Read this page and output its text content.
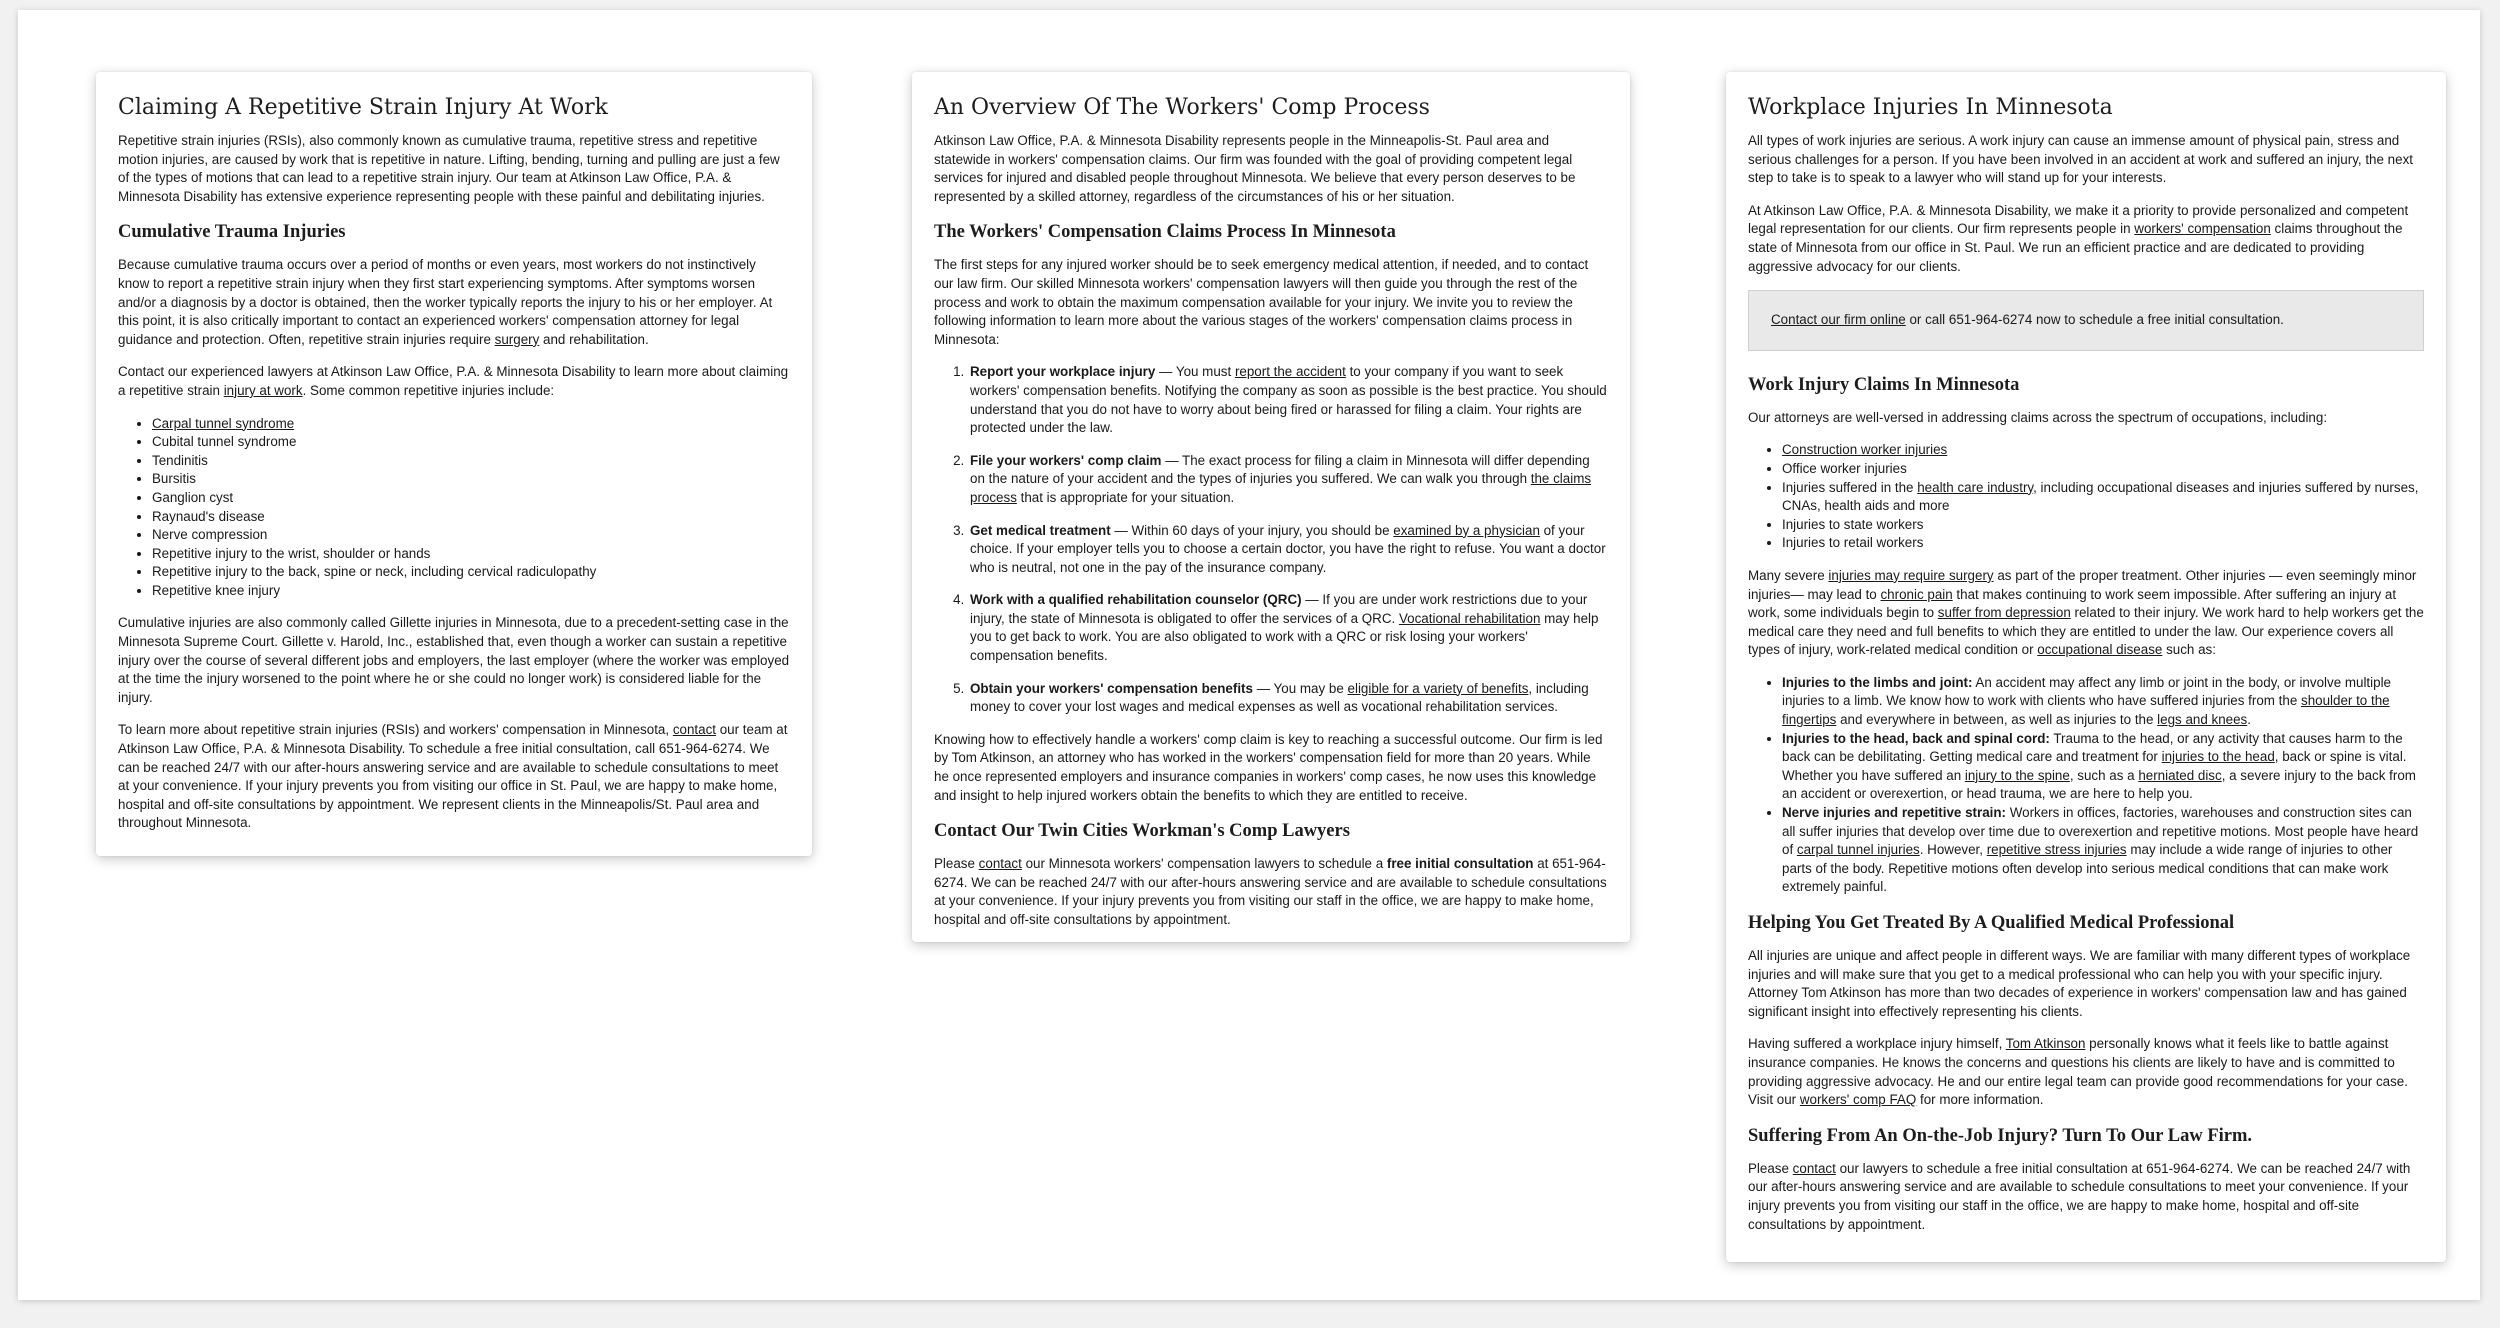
Claiming A Repetitive Strain Injury At Work

Repetitive strain injuries (RSIs), also commonly known as cumulative trauma, repetitive stress and repetitive motion injuries, are caused by work that is repetitive in nature. Lifting, bending, turning and pulling are just a few of the types of motions that can lead to a repetitive strain injury. Our team at Atkinson Law Office, P.A. & Minnesota Disability has extensive experience representing people with these painful and debilitating injuries.

Cumulative Trauma Injuries

Because cumulative trauma occurs over a period of months or even years, most workers do not instinctively know to report a repetitive strain injury when they first start experiencing symptoms. After symptoms worsen and/or a diagnosis by a doctor is obtained, then the worker typically reports the injury to his or her employer. At this point, it is also critically important to contact an experienced workers' compensation attorney for legal guidance and protection. Often, repetitive strain injuries require surgery and rehabilitation.

Contact our experienced lawyers at Atkinson Law Office, P.A. & Minnesota Disability to learn more about claiming a repetitive strain injury at work. Some common repetitive injuries include:

• Carpal tunnel syndrome
• Cubital tunnel syndrome
• Tendinitis
• Bursitis
• Ganglion cyst
• Raynaud's disease
• Nerve compression
• Repetitive injury to the wrist, shoulder or hands
• Repetitive injury to the back, spine or neck, including cervical radiculopathy
• Repetitive knee injury

Cumulative injuries are also commonly called Gillette injuries in Minnesota, due to a precedent-setting case in the Minnesota Supreme Court. Gillette v. Harold, Inc., established that, even though a worker can sustain a repetitive injury over the course of several different jobs and employers, the last employer (where the worker was employed at the time the injury worsened to the point where he or she could no longer work) is considered liable for the injury.

To learn more about repetitive strain injuries (RSIs) and workers' compensation in Minnesota, contact our team at Atkinson Law Office, P.A. & Minnesota Disability. To schedule a free initial consultation, call 651-964-6274. We can be reached 24/7 with our after-hours answering service and are available to schedule consultations to meet at your convenience. If your injury prevents you from visiting our office in St. Paul, we are happy to make home, hospital and off-site consultations by appointment. We represent clients in the Minneapolis/St. Paul area and throughout Minnesota.

An Overview Of The Workers' Comp Process

Atkinson Law Office, P.A. & Minnesota Disability represents people in the Minneapolis-St. Paul area and statewide in workers' compensation claims. Our firm was founded with the goal of providing competent legal services for injured and disabled people throughout Minnesota. We believe that every person deserves to be represented by a skilled attorney, regardless of the circumstances of his or her situation.

The Workers' Compensation Claims Process In Minnesota

The first steps for any injured worker should be to seek emergency medical attention, if needed, and to contact our law firm. Our skilled Minnesota workers' compensation lawyers will then guide you through the rest of the process and work to obtain the maximum compensation available for your injury. We invite you to review the following information to learn more about the various stages of the workers' compensation claims process in Minnesota:

1. Report your workplace injury — You must report the accident to your company if you want to seek workers' compensation benefits. Notifying the company as soon as possible is the best practice. You should understand that you do not have to worry about being fired or harassed for filing a claim. Your rights are protected under the law.
2. File your workers' comp claim — The exact process for filing a claim in Minnesota will differ depending on the nature of your accident and the types of injuries you suffered. We can walk you through the claims process that is appropriate for your situation.
3. Get medical treatment — Within 60 days of your injury, you should be examined by a physician of your choice. If your employer tells you to choose a certain doctor, you have the right to refuse. You want a doctor who is neutral, not one in the pay of the insurance company.
4. Work with a qualified rehabilitation counselor (QRC) — If you are under work restrictions due to your injury, the state of Minnesota is obligated to offer the services of a QRC. Vocational rehabilitation may help you to get back to work. You are also obligated to work with a QRC or risk losing your workers' compensation benefits.
5. Obtain your workers' compensation benefits — You may be eligible for a variety of benefits, including money to cover your lost wages and medical expenses as well as vocational rehabilitation services.

Knowing how to effectively handle a workers' comp claim is key to reaching a successful outcome. Our firm is led by Tom Atkinson, an attorney who has worked in the workers' compensation field for more than 20 years. While he once represented employers and insurance companies in workers' comp cases, he now uses this knowledge and insight to help injured workers obtain the benefits to which they are entitled to receive.

Contact Our Twin Cities Workman's Comp Lawyers

Please contact our Minnesota workers' compensation lawyers to schedule a free initial consultation at 651-964-6274. We can be reached 24/7 with our after-hours answering service and are available to schedule consultations at your convenience. If your injury prevents you from visiting our staff in the office, we are happy to make home, hospital and off-site consultations by appointment.

Workplace Injuries In Minnesota

All types of work injuries are serious. A work injury can cause an immense amount of physical pain, stress and serious challenges for a person. If you have been involved in an accident at work and suffered an injury, the next step to take is to speak to a lawyer who will stand up for your interests.

At Atkinson Law Office, P.A. & Minnesota Disability, we make it a priority to provide personalized and competent legal representation for our clients. Our firm represents people in workers' compensation claims throughout the state of Minnesota from our office in St. Paul. We run an efficient practice and are dedicated to providing aggressive advocacy for our clients.

Contact our firm online or call 651-964-6274 now to schedule a free initial consultation.
Work Injury Claims In Minnesota

Our attorneys are well-versed in addressing claims across the spectrum of occupations, including:

• Construction worker injuries
• Office worker injuries
• Injuries suffered in the health care industry, including occupational diseases and injuries suffered by nurses, CNAs, health aids and more
• Injuries to state workers
• Injuries to retail workers

Many severe injuries may require surgery as part of the proper treatment. Other injuries — even seemingly minor injuries— may lead to chronic pain that makes continuing to work seem impossible. After suffering an injury at work, some individuals begin to suffer from depression related to their injury. We work hard to help workers get the medical care they need and full benefits to which they are entitled to under the law. Our experience covers all types of injury, work-related medical condition or occupational disease such as:

• Injuries to the limbs and joint: An accident may affect any limb or joint in the body, or involve multiple injuries to a limb. We know how to work with clients who have suffered injuries from the shoulder to the fingertips and everywhere in between, as well as injuries to the legs and knees.
• Injuries to the head, back and spinal cord: Trauma to the head, or any activity that causes harm to the back can be debilitating. Getting medical care and treatment for injuries to the head, back or spine is vital. Whether you have suffered an injury to the spine, such as a herniated disc, a severe injury to the back from an accident or overexertion, or head trauma, we are here to help you.
• Nerve injuries and repetitive strain: Workers in offices, factories, warehouses and construction sites can all suffer injuries that develop over time due to overexertion and repetitive motions. Most people have heard of carpal tunnel injuries. However, repetitive stress injuries may include a wide range of injuries to other parts of the body. Repetitive motions often develop into serious medical conditions that can make work extremely painful.
Helping You Get Treated By A Qualified Medical Professional

All injuries are unique and affect people in different ways. We are familiar with many different types of workplace injuries and will make sure that you get to a medical professional who can help you with your specific injury. Attorney Tom Atkinson has more than two decades of experience in workers' compensation law and has gained significant insight into effectively representing his clients.

Having suffered a workplace injury himself, Tom Atkinson personally knows what it feels like to battle against insurance companies. He knows the concerns and questions his clients are likely to have and is committed to providing aggressive advocacy. He and our entire legal team can provide good recommendations for your case. Visit our workers' comp FAQ for more information.

Suffering From An On-the-Job Injury? Turn To Our Law Firm.

Please contact our lawyers to schedule a free initial consultation at 651-964-6274. We can be reached 24/7 with our after-hours answering service and are available to schedule consultations to meet your convenience. If your injury prevents you from visiting our staff in the office, we are happy to make home, hospital and off-site consultations by appointment.
